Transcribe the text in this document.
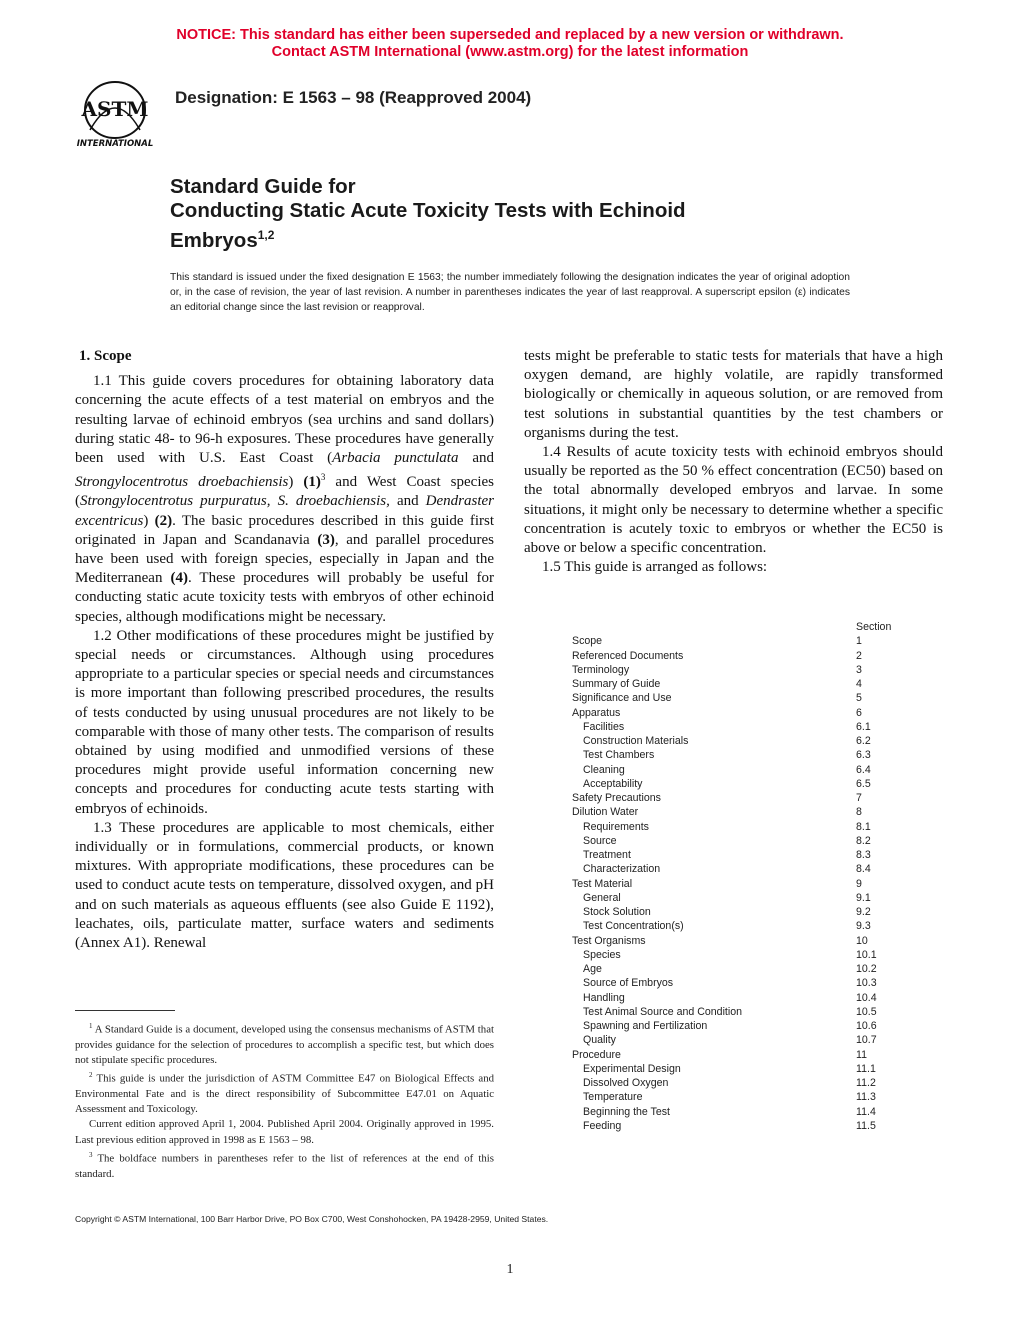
NOTICE: This standard has either been superseded and replaced by a new version or withdrawn.
Contact ASTM International (www.astm.org) for the latest information
ASTM
INTERNATIONAL
Designation: E 1563 – 98 (Reapproved 2004)
Standard Guide for
Conducting Static Acute Toxicity Tests with Echinoid
Embryos$^{1,2}$
This standard is issued under the fixed designation E 1563; the number immediately following the designation indicates the year of original adoption or, in the case of revision, the year of last revision. A number in parentheses indicates the year of last reapproval. A superscript epsilon (ε) indicates an editorial change since the last revision or reapproval.

1. Scope

1.1 This guide covers procedures for obtaining laboratory data concerning the acute effects of a test material on embryos and the resulting larvae of echinoid embryos (sea urchins and sand dollars) during static 48- to 96-h exposures. These procedures have generally been used with U.S. East Coast (Arbacia punctulata and Strongylocentrotus droebachiensis) $(1)^3$ and West Coast species (Strongylocentrotus purpuratus, S. droebachiensis, and Dendraster excentricus) (2). The basic procedures described in this guide first originated in Japan and Scandanavia (3), and parallel procedures have been used with foreign species, especially in Japan and the Mediterranean (4). These procedures will probably be useful for conducting static acute toxicity tests with embryos of other echinoid species, although modifications might be necessary.

1.2 Other modifications of these procedures might be justified by special needs or circumstances. Although using procedures appropriate to a particular species or special needs and circumstances is more important than following prescribed procedures, the results of tests conducted by using unusual procedures are not likely to be comparable with those of many other tests. The comparison of results obtained by using modified and unmodified versions of these procedures might provide useful information concerning new concepts and procedures for conducting acute tests starting with embryos of echinoids.

1.3 These procedures are applicable to most chemicals, either individually or in formulations, commercial products, or known mixtures. With appropriate modifications, these procedures can be used to conduct acute tests on temperature, dissolved oxygen, and pH and on such materials as aqueous effluents (see also Guide E 1192), leachates, oils, particulate matter, surface waters and sediments (Annex A1). Renewal

tests might be preferable to static tests for materials that have a high oxygen demand, are highly volatile, are rapidly transformed biologically or chemically in aqueous solution, or are removed from test solutions in substantial quantities by the test chambers or organisms during the test.

1.4 Results of acute toxicity tests with echinoid embryos should usually be reported as the 50 % effect concentration (EC50) based on the total abnormally developed embryos and larvae. In some situations, it might only be necessary to determine whether a specific concentration is acutely toxic to embryos or whether the EC50 is above or below a specific concentration.

1.5 This guide is arranged as follows:

Section
Scope	1
Referenced Documents	2
Terminology	3
Summary of Guide	4
Significance and Use	5
Apparatus	6
Facilities	6.1
Construction Materials	6.2
Test Chambers	6.3
Cleaning	6.4
Acceptability	6.5
Safety Precautions	7
Dilution Water	8
Requirements	8.1
Source	8.2
Treatment	8.3
Characterization	8.4
Test Material	9
General	9.1
Stock Solution	9.2
Test Concentration(s)	9.3
Test Organisms	10
Species	10.1
Age	10.2
Source of Embryos	10.3
Handling	10.4
Test Animal Source and Condition	10.5
Spawning and Fertilization	10.6
Quality	10.7
Procedure	11
Experimental Design	11.1
Dissolved Oxygen	11.2
Temperature	11.3
Beginning the Test	11.4
Feeding	11.5

$^1$ A Standard Guide is a document, developed using the consensus mechanisms of ASTM that provides guidance for the selection of procedures to accomplish a specific test, but which does not stipulate specific procedures.

$^2$ This guide is under the jurisdiction of ASTM Committee E47 on Biological Effects and Environmental Fate and is the direct responsibility of Subcommittee E47.01 on Aquatic Assessment and Toxicology.

Current edition approved April 1, 2004. Published April 2004. Originally approved in 1995. Last previous edition approved in 1998 as E 1563 – 98.

$^3$ The boldface numbers in parentheses refer to the list of references at the end of this standard.

Copyright © ASTM International, 100 Barr Harbor Drive, PO Box C700, West Conshohocken, PA 19428-2959, United States.
1
